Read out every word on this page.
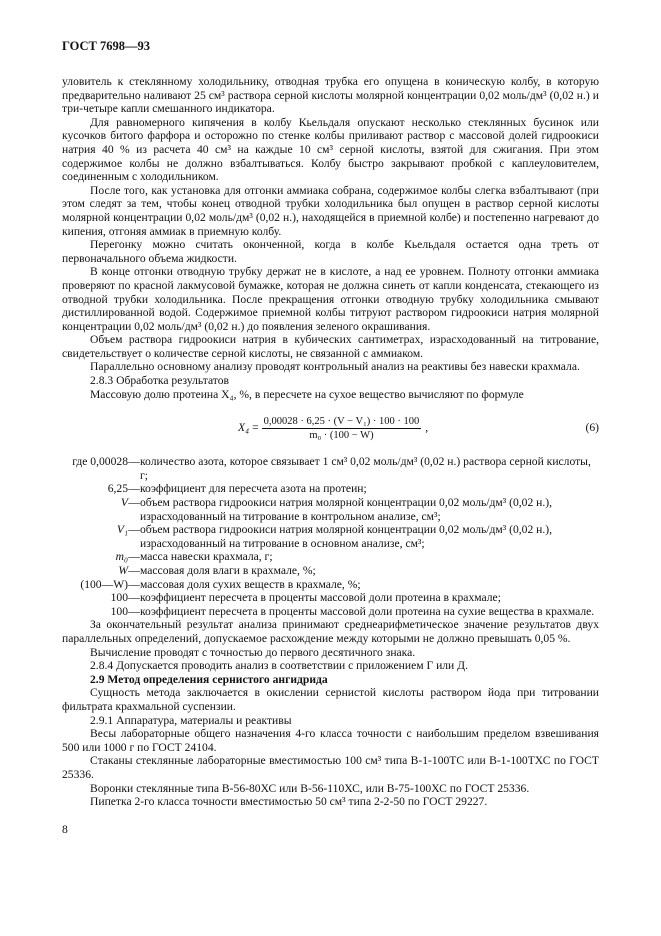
ГОСТ 7698—93

уловитель к стеклянному холодильнику, отводная трубка его опущена в коническую колбу, в которую предварительно наливают 25 см³ раствора серной кислоты молярной концентрации 0,02 моль/дм³ (0,02 н.) и три-четыре капли смешанного индикатора.

Для равномерного кипячения в колбу Кьельдаля опускают несколько стеклянных бусинок или кусочков битого фарфора и осторожно по стенке колбы приливают раствор с массовой долей гидроокиси натрия 40 % из расчета 40 см³ на каждые 10 см³ серной кислоты, взятой для сжигания. При этом содержимое колбы не должно взбалтываться. Колбу быстро закрывают пробкой с каплеуловителем, соединенным с холодильником.

После того, как установка для отгонки аммиака собрана, содержимое колбы слегка взбалтывают (при этом следят за тем, чтобы конец отводной трубки холодильника был опущен в раствор серной кислоты молярной концентрации 0,02 моль/дм³ (0,02 н.), находящейся в приемной колбе) и постепенно нагревают до кипения, отгоняя аммиак в приемную колбу.

Перегонку можно считать оконченной, когда в колбе Кьельдаля остается одна треть от первоначального объема жидкости.

В конце отгонки отводную трубку держат не в кислоте, а над ее уровнем. Полноту отгонки аммиака проверяют по красной лакмусовой бумажке, которая не должна синеть от капли конденсата, стекающего из отводной трубки холодильника. После прекращения отгонки отводную трубку холодильника смывают дистиллированной водой. Содержимое приемной колбы титруют раствором гидроокиси натрия молярной концентрации 0,02 моль/дм³ (0,02 н.) до появления зеленого окрашивания.

Объем раствора гидроокиси натрия в кубических сантиметрах, израсходованный на титрование, свидетельствует о количестве серной кислоты, не связанной с аммиаком.

Параллельно основному анализу проводят контрольный анализ на реактивы без навески крахмала.

2.8.3 Обработка результатов

Массовую долю протеина X₄, %, в пересчете на сухое вещество вычисляют по формуле

$X_4 = \frac{\text{0,00028 · 6,25 · (V − V₁) · 100 · 100}}{\text{m₀ · (100 − W)}}$ ,	(6)
где 0,00028 — количество азота, которое связывает 1 см³ 0,02 моль/дм³ (0,02 н.) раствора серной кислоты, г;
6,25 — коэффициент для пересчета азота на протеин;
V — объем раствора гидроокиси натрия молярной концентрации 0,02 моль/дм³ (0,02 н.), израсходованный на титрование в контрольном анализе, см³;
V₁ — объем раствора гидроокиси натрия молярной концентрации 0,02 моль/дм³ (0,02 н.), израсходованный на титрование в основном анализе, см³;
m₀ — масса навески крахмала, г;
W — массовая доля влаги в крахмале, %;
(100—W) — массовая доля сухих веществ в крахмале, %;
100 — коэффициент пересчета в проценты массовой доли протеина в крахмале;
100 — коэффициент пересчета в проценты массовой доли протеина на сухие вещества в крахмале.

За окончательный результат анализа принимают среднеарифметическое значение результатов двух параллельных определений, допускаемое расхождение между которыми не должно превышать 0,05 %.

Вычисление проводят с точностью до первого десятичного знака.

2.8.4 Допускается проводить анализ в соответствии с приложением Г или Д.

2.9 Метод определения сернистого ангидрида

Сущность метода заключается в окислении сернистой кислоты раствором йода при титровании фильтрата крахмальной суспензии.

2.9.1 Аппаратура, материалы и реактивы

Весы лабораторные общего назначения 4-го класса точности с наибольшим пределом взвешивания 500 или 1000 г по ГОСТ 24104.

Стаканы стеклянные лабораторные вместимостью 100 см³ типа В-1-100ТС или В-1-100ТХС по ГОСТ 25336.

Воронки стеклянные типа В-56-80ХС или В-56-110ХС, или В-75-100ХС по ГОСТ 25336.

Пипетка 2-го класса точности вместимостью 50 см³ типа 2-2-50 по ГОСТ 29227.

8
